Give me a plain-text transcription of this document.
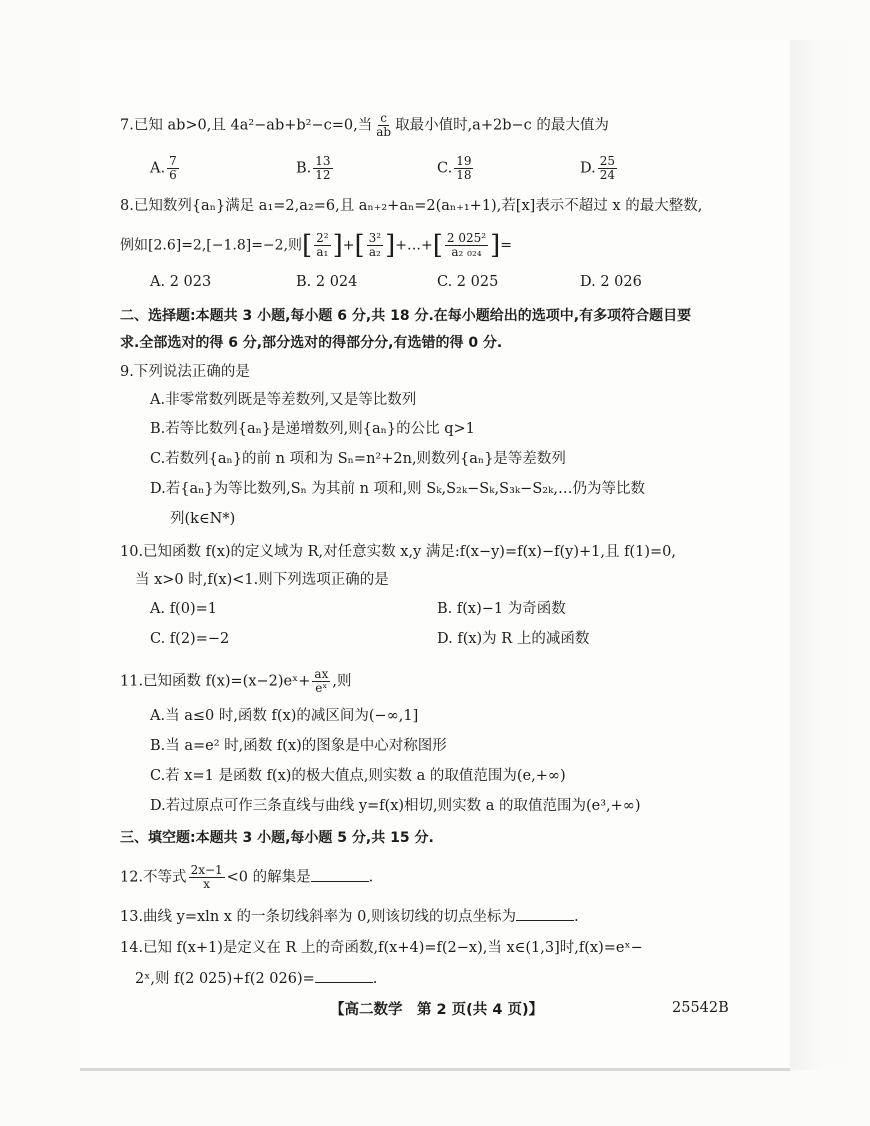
7.已知 ab>0,且 4a²−ab+b²−c=0,当 $\frac{c}{ab}$ 取最小值时,a+2b−c 的最大值为
A. $\frac{7}{6}$	B. $\frac{13}{12}$	C. $\frac{19}{18}$	D. $\frac{25}{24}$
8.已知数列{aₙ}满足 a₁=2,a₂=6,且 aₙ₊₂+aₙ=2(aₙ₊₁+1),若[x]表示不超过 x 的最大整数,
例如[2.6]=2,[−1.8]=−2,则[ $\frac{\text{2²}}{\text{a₁}}$ ]+[ $\frac{\text{3²}}{\text{a₂}}$ ]+…+[ $\frac{\text{2 025²}}{\text{a₂ ₀₂₄}}$ ]=
A. 2 023	B. 2 024	C. 2 025	D. 2 026
二、选择题:本题共 3 小题,每小题 6 分,共 18 分.在每小题给出的选项中,有多项符合题目要
求.全部选对的得 6 分,部分选对的得部分分,有选错的得 0 分.
9.下列说法正确的是
A.非零常数列既是等差数列,又是等比数列
B.若等比数列{aₙ}是递增数列,则{aₙ}的公比 q>1
C.若数列{aₙ}的前 n 项和为 Sₙ=n²+2n,则数列{aₙ}是等差数列
D.若{aₙ}为等比数列,Sₙ 为其前 n 项和,则 Sₖ,S₂ₖ−Sₖ,S₃ₖ−S₂ₖ,…仍为等比数
列(k∈N*)
10.已知函数 f(x)的定义域为 R,对任意实数 x,y 满足:f(x−y)=f(x)−f(y)+1,且 f(1)=0,
当 x>0 时,f(x)<1.则下列选项正确的是
A. f(0)=1	B. f(x)−1 为奇函数
C. f(2)=−2	D. f(x)为 R 上的减函数
11.已知函数 f(x)=(x−2)eˣ+ $\frac{ax}{\text{eˣ}}$ ,则
A.当 a≤0 时,函数 f(x)的减区间为(−∞,1]
B.当 a=e² 时,函数 f(x)的图象是中心对称图形
C.若 x=1 是函数 f(x)的极大值点,则实数 a 的取值范围为(e,+∞)
D.若过原点可作三条直线与曲线 y=f(x)相切,则实数 a 的取值范围为(e³,+∞)
三、填空题:本题共 3 小题,每小题 5 分,共 15 分.
12.不等式 $\frac{2x-1}{x} <0$ 的解集是	.
13.曲线 y=xln x 的一条切线斜率为 0,则该切线的切点坐标为	.
14.已知 f(x+1)是定义在 R 上的奇函数,f(x+4)=f(2−x),当 x∈(1,3]时,f(x)=eˣ−
2ˣ,则 f(2 025)+f(2 026)=	.
【高二数学　第 2 页(共 4 页)】	25542B
